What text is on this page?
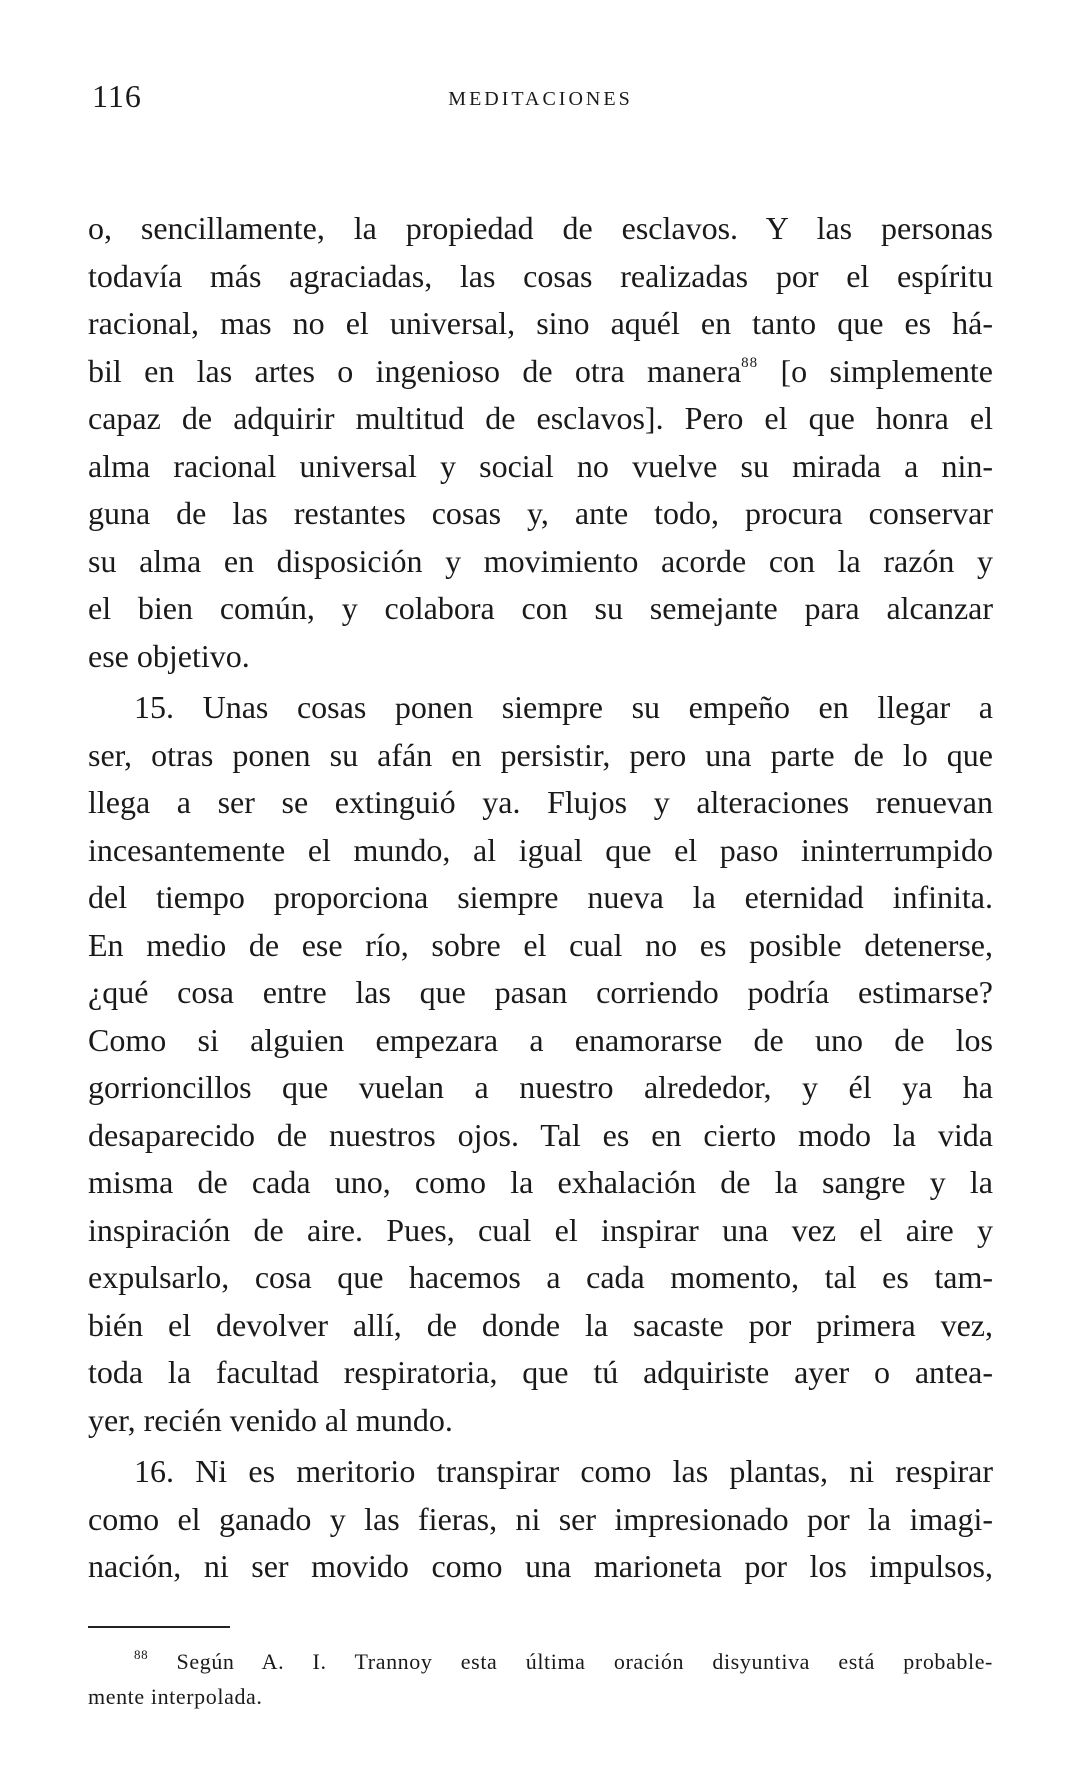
116	MEDITACIONES

o, sencillamente, la propiedad de esclavos. Y las personas
todavía más agraciadas, las cosas realizadas por el espíritu
racional, mas no el universal, sino aquél en tanto que es há-
bil en las artes o ingenioso de otra manera$^{88}$ [o simplemente
capaz de adquirir multitud de esclavos]. Pero el que honra el
alma racional universal y social no vuelve su mirada a nin-
guna de las restantes cosas y, ante todo, procura conservar
su alma en disposición y movimiento acorde con la razón y
el bien común, y colabora con su semejante para alcanzar
ese objetivo.

15. Unas cosas ponen siempre su empeño en llegar a
ser, otras ponen su afán en persistir, pero una parte de lo que
llega a ser se extinguió ya. Flujos y alteraciones renuevan
incesantemente el mundo, al igual que el paso ininterrumpido
del tiempo proporciona siempre nueva la eternidad infinita.
En medio de ese río, sobre el cual no es posible detenerse,
¿qué cosa entre las que pasan corriendo podría estimarse?
Como si alguien empezara a enamorarse de uno de los
gorrioncillos que vuelan a nuestro alrededor, y él ya ha
desaparecido de nuestros ojos. Tal es en cierto modo la vida
misma de cada uno, como la exhalación de la sangre y la
inspiración de aire. Pues, cual el inspirar una vez el aire y
expulsarlo, cosa que hacemos a cada momento, tal es tam-
bién el devolver allí, de donde la sacaste por primera vez,
toda la facultad respiratoria, que tú adquiriste ayer o antea-
yer, recién venido al mundo.

16. Ni es meritorio transpirar como las plantas, ni respirar
como el ganado y las fieras, ni ser impresionado por la imagi-
nación, ni ser movido como una marioneta por los impulsos,

$^{88}$ Según A. I. Trannoy esta última oración disyuntiva está probable-
mente interpolada.
